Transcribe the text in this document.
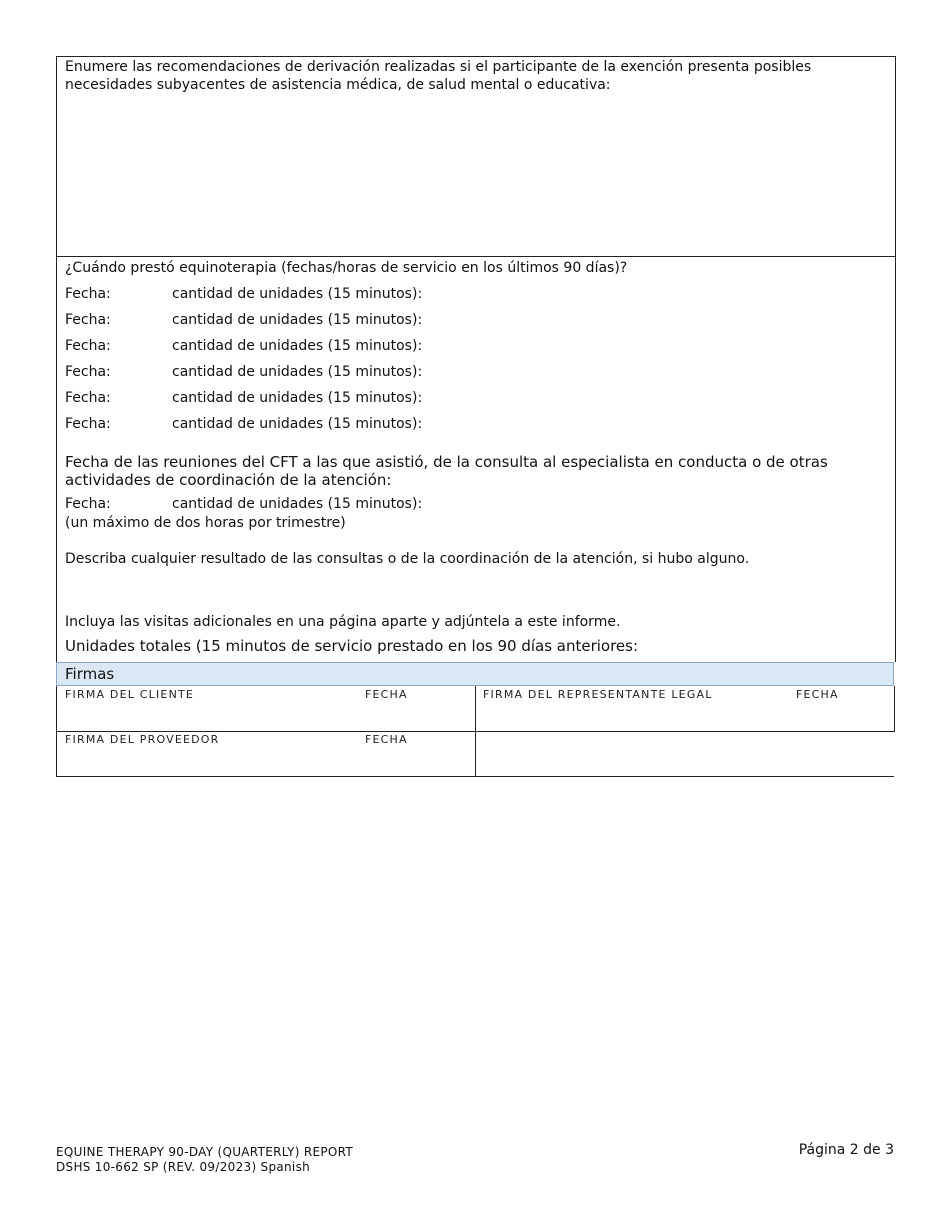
Enumere las recomendaciones de derivación realizadas si el participante de la exención presenta posibles necesidades subyacentes de asistencia médica, de salud mental o educativa:

¿Cuándo prestó equinoterapia (fechas/horas de servicio en los últimos 90 días)?
Fecha:	cantidad de unidades (15 minutos):
Fecha:	cantidad de unidades (15 minutos):
Fecha:	cantidad de unidades (15 minutos):
Fecha:	cantidad de unidades (15 minutos):
Fecha:	cantidad de unidades (15 minutos):
Fecha:	cantidad de unidades (15 minutos):
Fecha de las reuniones del CFT a las que asistió, de la consulta al especialista en conducta o de otras actividades de coordinación de la atención:
Fecha:	cantidad de unidades (15 minutos):
(un máximo de dos horas por trimestre)
Describa cualquier resultado de las consultas o de la coordinación de la atención, si hubo alguno.
Incluya las visitas adicionales en una página aparte y adjúntela a este informe.
Unidades totales (15 minutos de servicio prestado en los 90 días anteriores:
Firmas
FIRMA DEL CLIENTE	FECHA	FIRMA DEL REPRESENTANTE LEGAL	FECHA
FIRMA DEL PROVEEDOR	FECHA
EQUINE THERAPY 90-DAY (QUARTERLY) REPORT
DSHS 10-662 SP (REV. 09/2023) Spanish
Página 2 de 3
